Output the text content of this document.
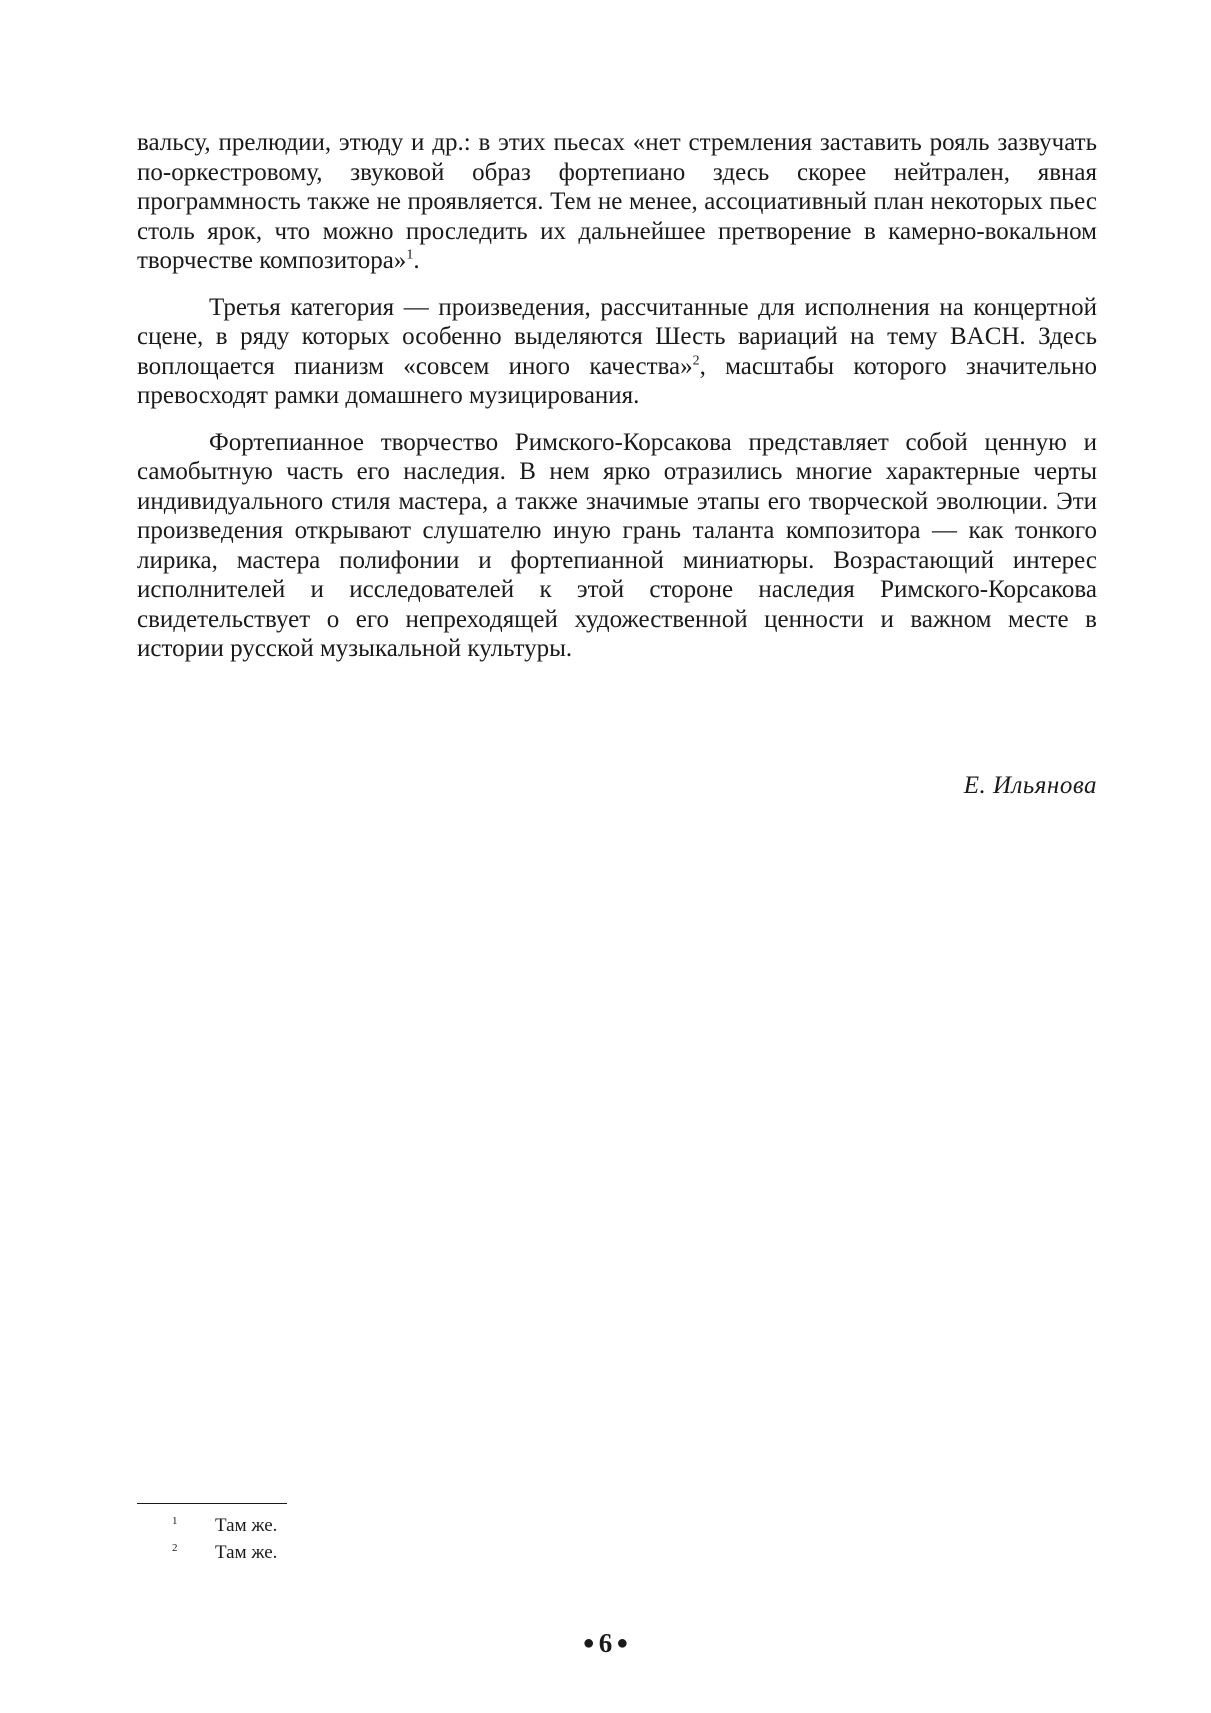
вальсу, прелюдии, этюду и др.: в этих пьесах «нет стремления заставить рояль зазвучать по-оркестровому, звуковой образ фортепиано здесь скорее нейтрален, явная программность также не проявляется. Тем не менее, ассоциативный план некоторых пьес столь ярок, что можно проследить их дальнейшее претворение в камерно-вокальном творчестве композитора»$^1$.

Третья категория — произведения, рассчитанные для исполнения на концертной сцене, в ряду которых особенно выделяются Шесть вариаций на тему BACH. Здесь воплощается пианизм «совсем иного качества»$^2$, масштабы которого значительно превосходят рамки домашнего музицирования.

Фортепианное творчество Римского-Корсакова представляет собой ценную и самобытную часть его наследия. В нем ярко отразились многие характерные черты индивидуального стиля мастера, а также значимые этапы его творческой эволюции. Эти произведения открывают слушателю иную грань таланта композитора — как тонкого лирика, мастера полифонии и фортепианной миниатюры. Возрастающий интерес исполнителей и исследователей к этой стороне наследия Римского-Корсакова свидетельствует о его непреходящей художественной ценности и важном месте в истории русской музыкальной культуры.

Е. Ильянова
1 Там же.
2 Там же.
● 6 ●
